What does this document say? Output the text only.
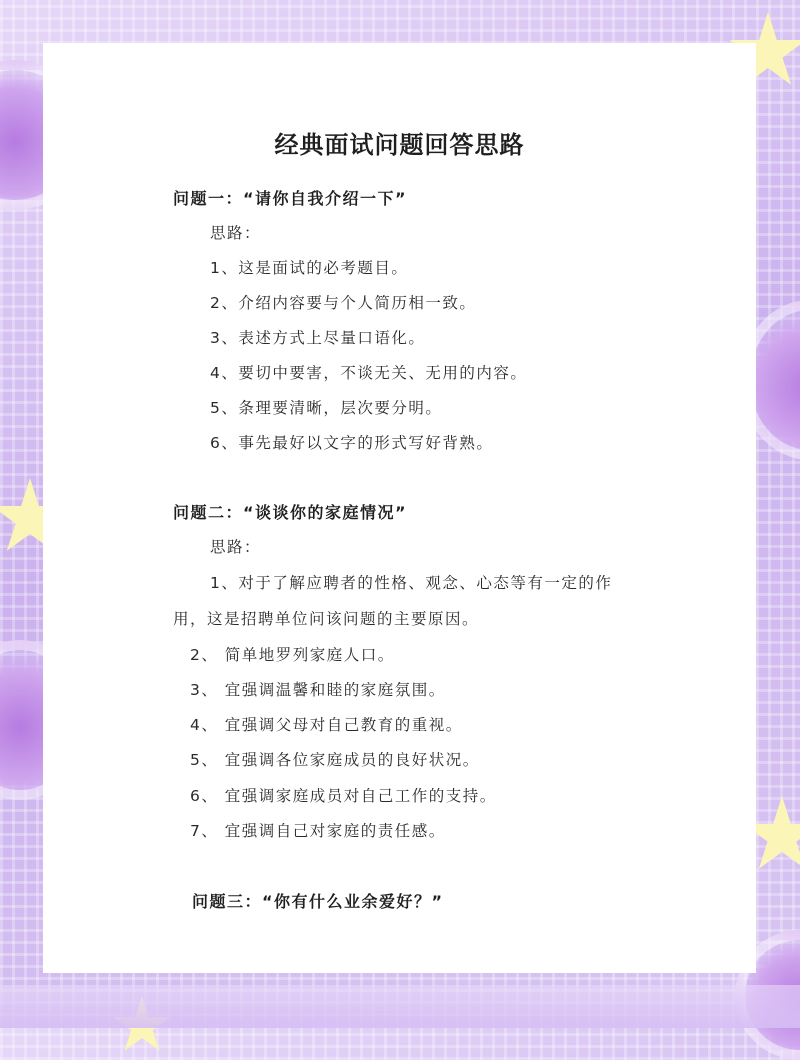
经典面试问题回答思路
问题一：“请你自我介绍一下”
思路：
1、这是面试的必考题目。
2、介绍内容要与个人简历相一致。
3、表述方式上尽量口语化。
4、要切中要害，不谈无关、无用的内容。
5、条理要清晰，层次要分明。
6、事先最好以文字的形式写好背熟。
问题二：“谈谈你的家庭情况”
思路：
1、对于了解应聘者的性格、观念、心态等有一定的作
用，这是招聘单位问该问题的主要原因。
2、 简单地罗列家庭人口。
3、 宜强调温馨和睦的家庭氛围。
4、 宜强调父母对自己教育的重视。
5、 宜强调各位家庭成员的良好状况。
6、 宜强调家庭成员对自己工作的支持。
7、 宜强调自己对家庭的责任感。
问题三：“你有什么业余爱好？”
